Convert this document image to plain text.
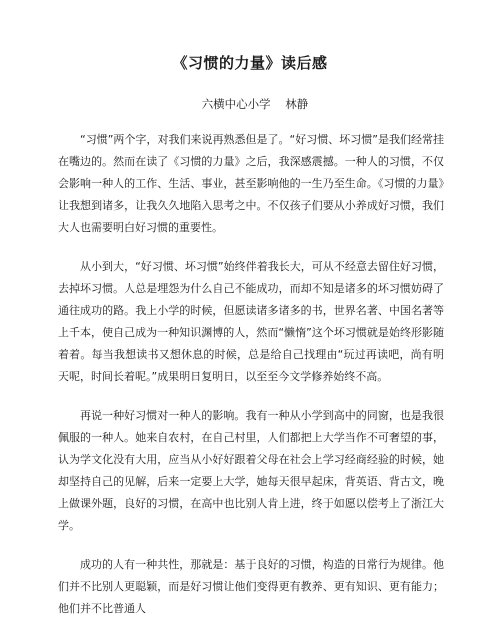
《习惯的力量》读后感
六横中心小学    林静

“习惯”两个字，对我们来说再熟悉但是了。“好习惯、坏习惯”是我们经常挂在嘴边的。然而在读了《习惯的力量》之后，我深感震撼。一种人的习惯，不仅会影响一种人的工作、生活、事业，甚至影响他的一生乃至生命。《习惯的力量》让我想到诸多，让我久久地陷入思考之中。不仅孩子们要从小养成好习惯，我们大人也需要明白好习惯的重要性。

从小到大，“好习惯、坏习惯”始终伴着我长大，可从不经意去留住好习惯，去掉坏习惯。人总是埋怨为什么自己不能成功，而却不知是诸多的坏习惯妨碍了通往成功的路。我上小学的时候，但愿读诸多诸多的书，世界名著、中国名著等上千本，使自己成为一种知识渊博的人，然而“懒惰”这个坏习惯就是始终形影随着着。每当我想读书又想休息的时候，总是给自己找理由“玩过再读吧，尚有明天呢，时间长着呢。”成果明日复明日，以至至今文学修养始终不高。

再说一种好习惯对一种人的影响。我有一种从小学到高中的同窗，也是我很佩服的一种人。她来自农村，在自己村里，人们都把上大学当作不可奢望的事，认为学文化没有大用，应当从小好好跟着父母在社会上学习经商经验的时候，她却坚持自己的见解，后来一定要上大学，她每天很早起床，背英语、背古文，晚上做课外题，良好的习惯，在高中也比别人肯上进，终于如愿以偿考上了浙江大学。

成功的人有一种共性，那就是：基于良好的习惯，构造的日常行为规律。他们并不比别人更聪颖，而是好习惯让他们变得更有教养、更有知识、更有能力；他们并不比普通人
